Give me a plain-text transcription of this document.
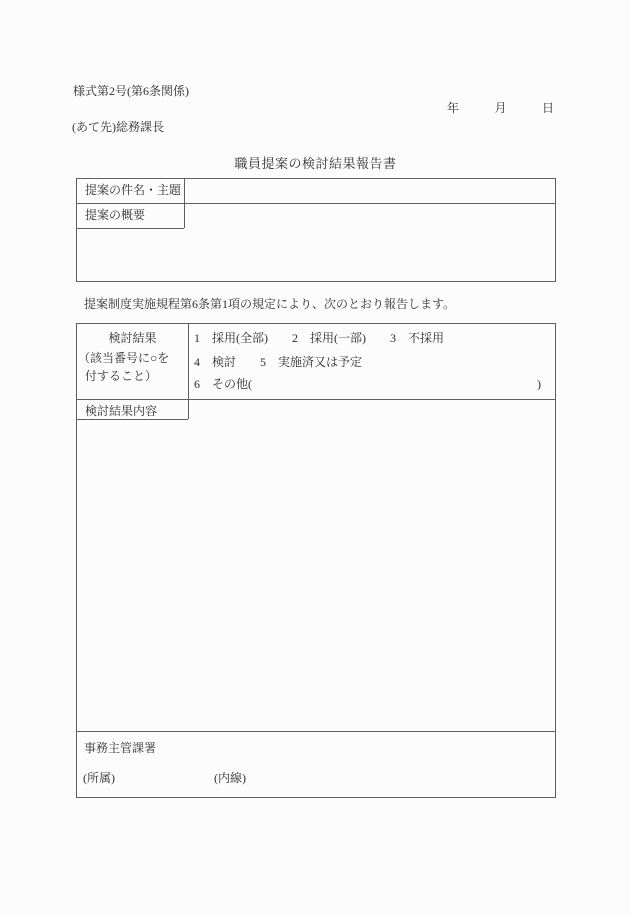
様式第2号(第6条関係)
年	月	日
(あて先)総務課長
職員提案の検討結果報告書
提案の件名・主題
提案の概要
提案制度実施規程第6条第1項の規定により、次のとおり報告します。
検討結果
（該当番号に○を
付すること）
1　採用(全部)　　2　採用(一部)　　3　不採用
4　検討　　5　実施済又は予定
6　その他(	)
検討結果内容
事務主管課署
(所属)	(内線)
